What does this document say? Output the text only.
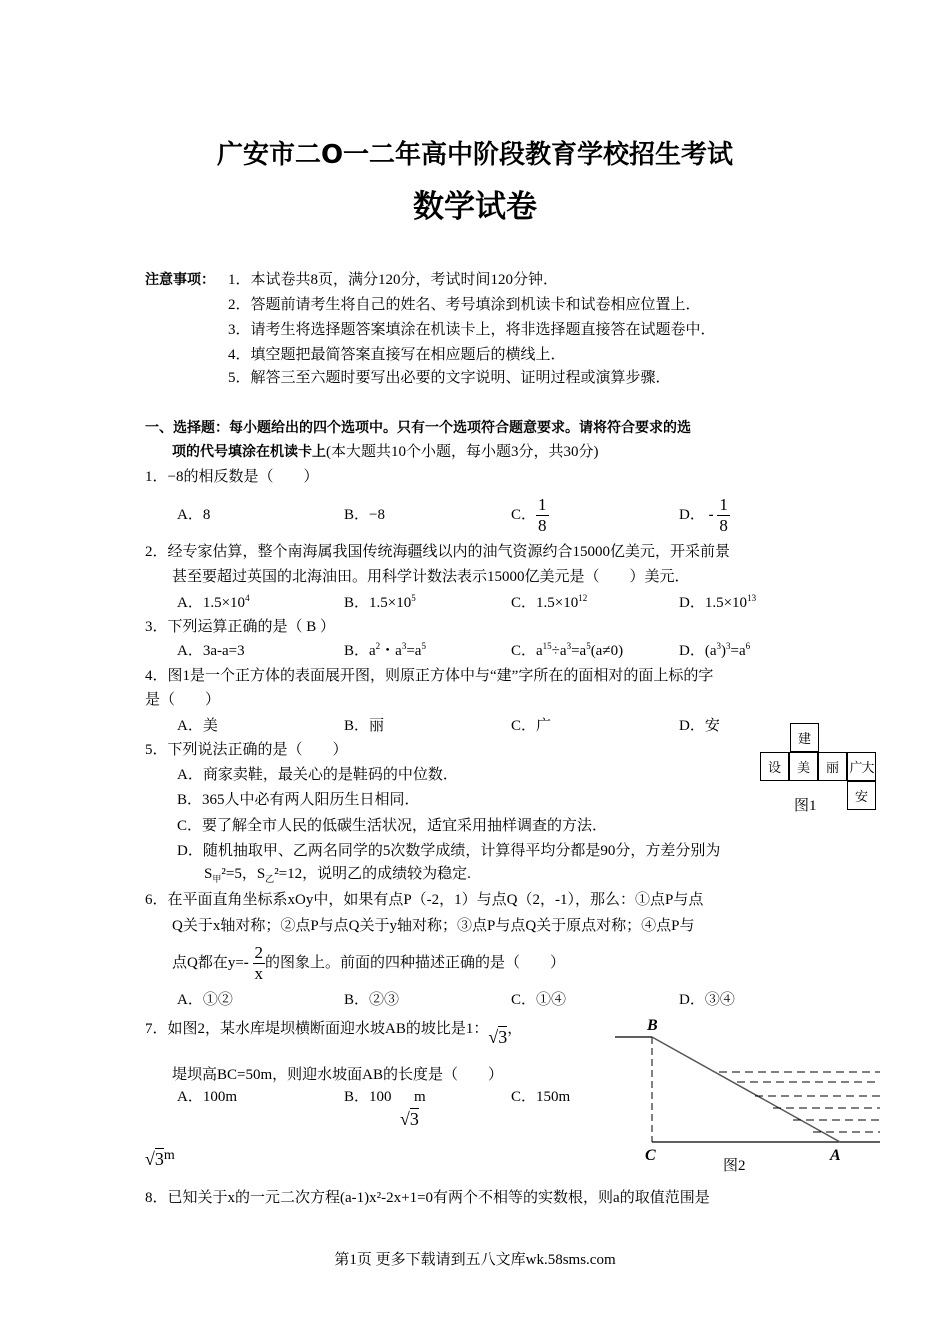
广安市二O一二年高中阶段教育学校招生考试
数学试卷
注意事项： 1．本试卷共8页，满分120分，考试时间120分钟．
2．答题前请考生将自己的姓名、考号填涂到机读卡和试卷相应位置上．
3．请考生将选择题答案填涂在机读卡上，将非选择题直接答在试题卷中．
4．填空题把最简答案直接写在相应题后的横线上．
5．解答三至六题时要写出必要的文字说明、证明过程或演算步骤．
一、选择题：每小题给出的四个选项中。只有一个选项符合题意要求。请将符合要求的选
项的代号填涂在机读卡上(本大题共10个小题，每小题3分，共30分)
1．−8的相反数是（　　）
A．8	B．−8	C． $\frac{1}{8}$	D． - $\frac{1}{8}$
2．经专家估算，整个南海属我国传统海疆线以内的油气资源约合15000亿美元，开采前景
甚至要超过英国的北海油田。用科学计数法表示15000亿美元是（　　）美元．
A．$1.5\times 10^4$	B．$1.5\times 10^5$	C．$1.5\times 10^{12}$	D．$1.5\times 10^{13}$
3．下列运算正确的是（ B ）
A．3a-a=3	B．$a^2$・$a^3=a^5$	C．$a^{15}\div a^3=a^5(a\ne 0)$	D．$(a^3)^3=a^6$
4．图1是一个正方体的表面展开图，则原正方体中与“建”字所在的面相对的面上标的字
是（　　）
A．美	B．丽	C．广	D．安
建
设	美	丽 广大
安
图1
5．下列说法正确的是（　　）
A．商家卖鞋，最关心的是鞋码的中位数．
B．365人中必有两人阳历生日相同．
C．要了解全市人民的低碳生活状况，适宜采用抽样调查的方法．
D．随机抽取甲、乙两名同学的5次数学成绩，计算得平均分都是90分，方差分别为
$S_甲^2=5$，$S_乙^2=12$，说明乙的成绩较为稳定.
6．在平面直角坐标系xOy中，如果有点P（-2，1）与点Q（2，-1），那么：①点P与点
Q关于x轴对称；②点P与点Q关于y轴对称；③点P与点Q关于原点对称；④点P与
点Q都在$y=- \frac{2}{x}$ 的图象上。前面的四种描述正确的是（　　）
A．①②	B．②③	C．①④	D．③④
7．如图2，某水库堤坝横断面迎水坡AB的坡比是1：√3，
堤坝高BC=50m，则迎水坡面AB的长度是（　　）
A．100m	B．100 m
√3
C．150m
√3$^m$
B
C	A
图2
8．已知关于x的一元二次方程(a-1)x²-2x+1=0有两个不相等的实数根，则a的取值范围是
第1页 更多下载请到五八文库wk.58sms.com
